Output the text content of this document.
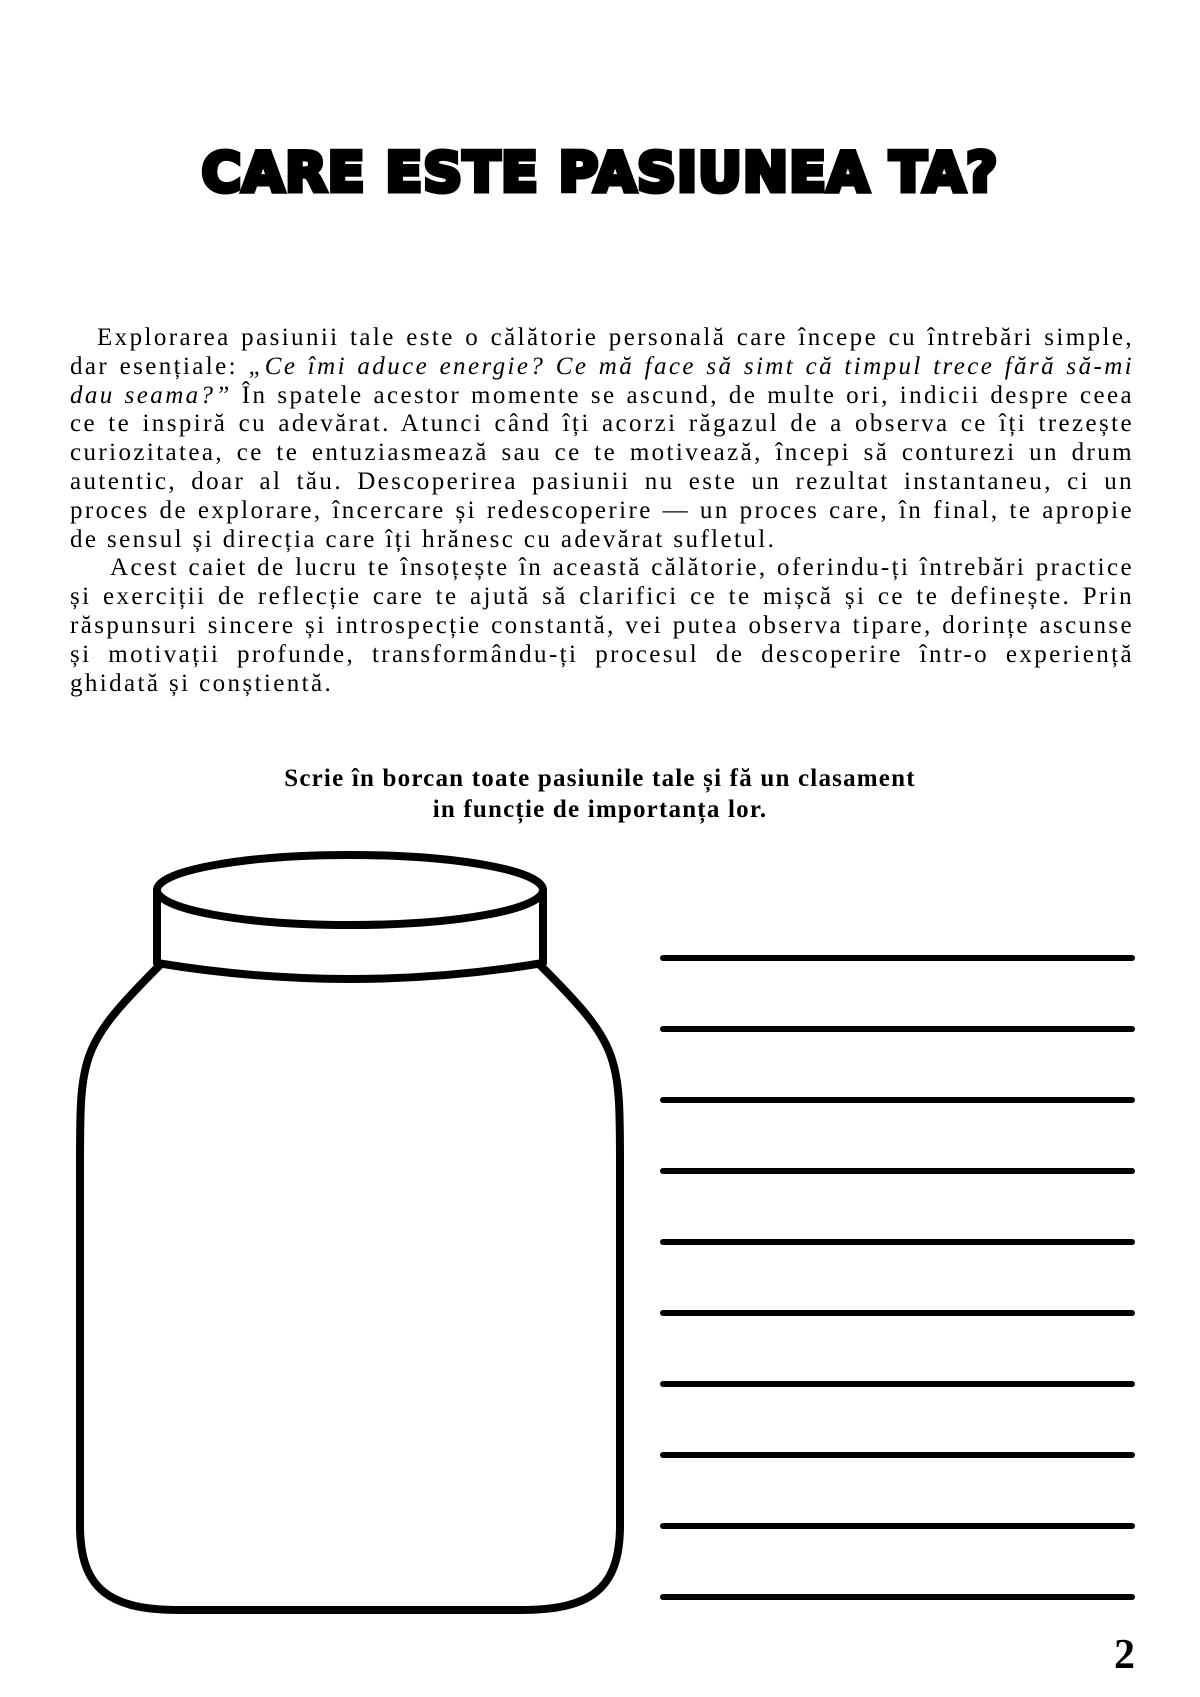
CARE ESTE PASIUNEA TA?

Explorarea pasiunii tale este o călătorie personală care începe cu întrebări simple, dar esențiale: „Ce îmi aduce energie? Ce mă face să simt că timpul trece fără să-mi dau seama?” În spatele acestor momente se ascund, de multe ori, indicii despre ceea ce te inspiră cu adevărat. Atunci când îți acorzi răgazul de a observa ce îți trezește curiozitatea, ce te entuziasmează sau ce te motivează, începi să conturezi un drum autentic, doar al tău. Descoperirea pasiunii nu este un rezultat instantaneu, ci un proces de explorare, încercare și redescoperire — un proces care, în final, te apropie de sensul și direcția care îți hrănesc cu adevărat sufletul.

Acest caiet de lucru te însoțește în această călătorie, oferindu-ți întrebări practice și exerciții de reflecție care te ajută să clarifici ce te mișcă și ce te definește. Prin răspunsuri sincere și introspecție constantă, vei putea observa tipare, dorințe ascunse și motivații profunde, transformându-ți procesul de descoperire într-o experiență ghidată și conștientă.

Scrie în borcan toate pasiunile tale și fă un clasament
in funcție de importanța lor.

2
